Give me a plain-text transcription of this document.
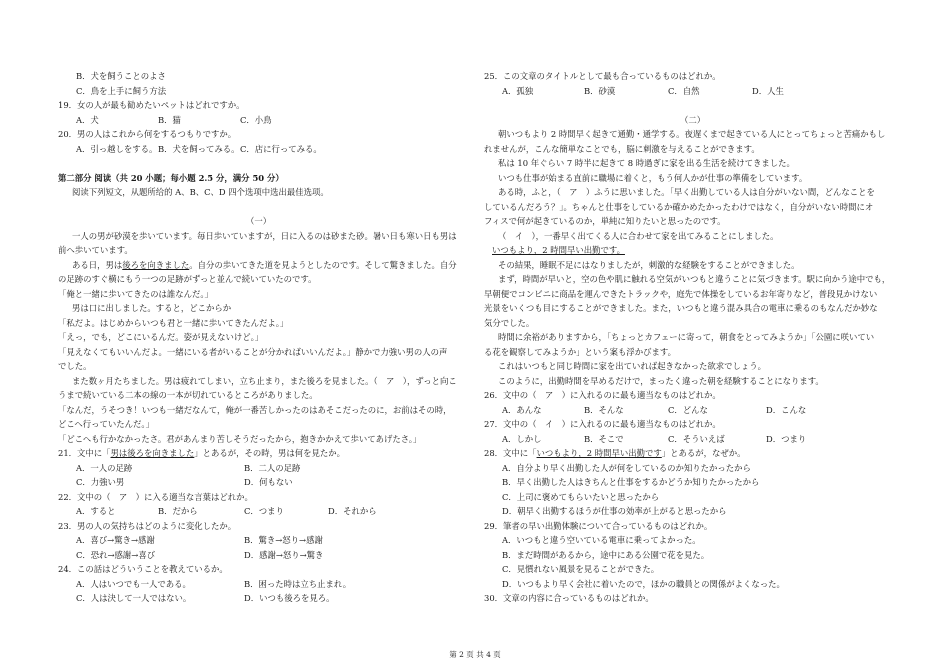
B．犬を飼うことのよさ
C．鳥を上手に飼う方法
19．女の人が最も勧めたいペットはどれですか。
A．犬	B．猫	C．小鳥
20．男の人はこれから何をするつもりですか。
A．引っ越しをする。 B．犬を飼ってみる。 C．店に行ってみる。
第二部分 阅读（共 20 小题；每小题 2.5 分，满分 50 分）
阅读下列短文，从题所给的 A、B、C、D 四个选项中选出最佳选项。
（一）
一人の男が砂漠を歩いています。毎日歩いていますが，日に入るのは砂また砂。暑い日も寒い日も男は
前へ歩いています。
ある日，男は後ろを向きました。自分の歩いてきた道を見ようとしたのです。そして驚きました。自分
の足跡のすぐ横にもう一つの足跡がずっと並んで続いていたのです。
「俺と一緒に歩いてきたのは誰なんだ。」
男は口に出しました。すると，どこからか
「私だよ。はじめからいつも君と一緒に歩いてきたんだよ。」
「えっ，でも，どこにいるんだ。姿が見えないけど。」
「見えなくてもいいんだよ。一緒にいる者がいることが分かればいいんだよ。」静かで力強い男の人の声
でした。
また数ヶ月たちました。男は疲れてしまい，立ち止まり，また後ろを見ました。（　ア　），ずっと向こ
うまで続いている二本の線の一本が切れているところがありました。
「なんだ，うそつき！いつも一緒だなんて，俺が一番苦しかったのはあそこだったのに，お前はその時，
どこへ行っていたんだ。」
「どこへも行かなかったさ。君があんまり苦しそうだったから，抱きかかえて歩いてあげたさ。」
21．文中に「男は後ろを向きました」とあるが，その時，男は何を見たか。
A．一人の足跡	B．二人の足跡
C．力強い男	D．何もない
22．文中の（　ア　）に入る適当な言葉はどれか。
A．すると	B．だから	C．つまり	D．それから
23．男の人の気持ちはどのように変化したか。
A．喜び→驚き→感謝	B．驚き→怒り→感謝
C．恐れ→感謝→喜び	D．感謝→怒り→驚き
24．この話はどういうことを教えているか。
A．人はいつでも一人である。	B．困った時は立ち止まれ。
C．人は決して一人ではない。	D．いつも後ろを見ろ。
25．この文章のタイトルとして最も合っているものはどれか。
A．孤独	B．砂漠	C．自然	D．人生
（二）
朝いつもより 2 時間早く起きて通勤・通学する。夜遅くまで起きている人にとってちょっと苦痛かもし
れませんが，こんな簡単なことでも，脳に刺激を与えることができます。
私は 10 年ぐらい 7 時半に起きて 8 時過ぎに家を出る生活を続けてきました。
いつも仕事が始まる直前に職場に着くと，もう何人かが仕事の準備をしています。
ある時，ふと，（　ア　）ふうに思いました。「早く出勤している人は自分がいない間，どんなことを
しているんだろう？」。ちゃんと仕事をしているか確かめたかったわけではなく，自分がいない時間にオ
フィスで何が起きているのか，単純に知りたいと思ったのです。
（　イ　），一番早く出てくる人に合わせて家を出てみることにしました。
いつもより，2 時間早い出勤です。
その結果，睡眠不足にはなりましたが，刺激的な経験をすることができました。
まず，時間が早いと，空の色や肌に触れる空気がいつもと違うことに気づきます。駅に向かう途中でも，
早朝便でコンビニに商品を運んできたトラックや，庭先で体操をしているお年寄りなど，普段見かけない
光景をいくつも目にすることができました。また，いつもと違う混み具合の電車に乗るのもなんだか妙な
気分でした。
時間に余裕がありますから，「ちょっとカフェーに寄って，朝食をとってみようか」「公園に咲いてい
る花を観察してみようか」という案も浮かびます。
これはいつもと同じ時間に家を出ていれば起きなかった欲求でしょう。
このように，出勤時間を早めるだけで，まったく違った朝を経験することになります。
26．文中の（　ア　）に入れるのに最も適当なものはどれか。
A．あんな	B．そんな	C．どんな	D．こんな
27．文中の（　イ　）に入れるのに最も適当なものはどれか。
A．しかし	B．そこで	C．そういえば	D．つまり
28．文中に「いつもより，2 時間早い出勤です」とあるが，なぜか。
A．自分より早く出勤した人が何をしているのか知りたかったから
B．早く出勤した人はきちんと仕事をするかどうか知りたかったから
C．上司に褒めてもらいたいと思ったから
D．朝早く出勤するほうが仕事の効率が上がると思ったから
29．筆者の早い出勤体験について合っているものはどれか。
A．いつもと違う空いている電車に乗ってよかった。
B．まだ時間があるから，途中にある公園で花を見た。
C．見慣れない風景を見ることができた。
D．いつもより早く会社に着いたので，ほかの職員との関係がよくなった。
30．文章の内容に合っているものはどれか。
第 2 页 共 4 页
